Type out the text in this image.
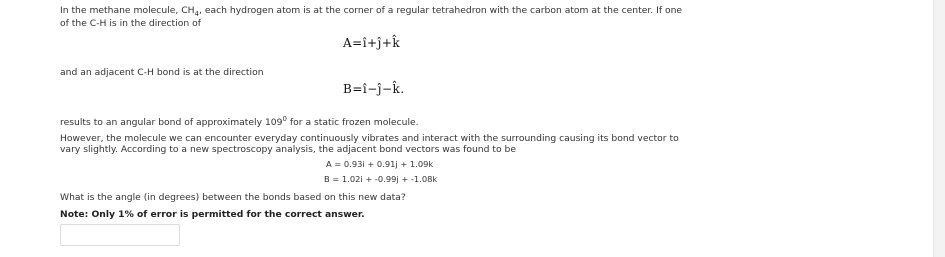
In the methane molecule, $CH_4$, each hydrogen atom is at the corner of a regular tetrahedron with the carbon atom at the center. If one
of the C-H is in the direction of
A=î+ĵ+k̂
and an adjacent C-H bond is at the direction
B=î−ĵ−k̂.
results to an angular bond of approximately $109^0$ for a static frozen molecule.
However, the molecule we can encounter everyday continuously vibrates and interact with the surrounding causing its bond vector to
vary slightly. According to a new spectroscopy analysis, the adjacent bond vectors was found to be
A = 0.93i + 0.91j + 1.09k
B = 1.02i + -0.99j + -1.08k
What is the angle (in degrees) between the bonds based on this new data?
Note: Only 1% of error is permitted for the correct answer.
